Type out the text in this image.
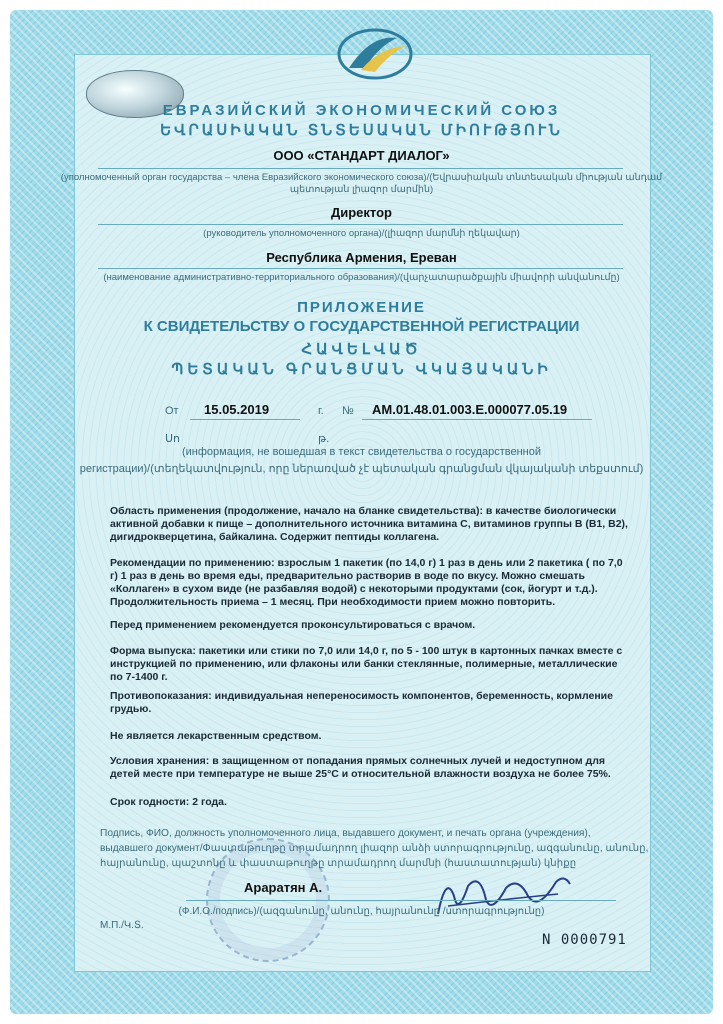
ЕВРАЗИЙСКИЙ ЭКОНОМИЧЕСКИЙ СОЮЗ
ԵՎՐԱՍԻԱԿԱՆ ՏՆՏԵՍԱԿԱՆ ՄԻՈՒԹՅՈՒՆ
ООО «СТАНДАРТ ДИАЛОГ»
(уполномоченный орган государства – члена Евразийского экономического союза)/(Եվրասիական տնտեսական միության անդամ
պետության լիազոր մարմին)
Директор
(руководитель уполномоченного органа)/(լիազոր մարմնի ղեկավար)
Республика Армения, Ереван
(наименование административно-территориального образования)/(վարչատարածքային միավորի անվանումը)
ПРИЛОЖЕНИЕ
К СВИДЕТЕЛЬСТВУ О ГОСУДАРСТВЕННОЙ РЕГИСТРАЦИИ
ՀԱՎԵԼՎԱԾ
ՊԵՏԱԿԱՆ ԳՐԱՆՑՄԱՆ ՎԿԱՅԱԿԱՆԻ
От
Սո
15.05.2019	г.
թ.
№ AM.01.48.01.003.E.000077.05.19
(информация, не вошедшая в текст свидетельства о государственной
регистрации)/(տեղեկատվություն, որը ներառված չէ պետական գրանցման վկայականի տեքստում)
Область применения (продолжение, начало на бланке свидетельства): в качестве биологически активной добавки к пище – дополнительного источника витамина С, витаминов группы В (В1, В2), дигидрокверцетина, байкалина. Содержит пептиды коллагена.
Рекомендации по применению: взрослым 1 пакетик (по 14,0 г) 1 раз в день или 2 пакетика ( по 7,0 г) 1 раз в день во время еды, предварительно растворив в воде по вкусу. Можно смешать «Коллаген» в сухом виде (не разбавляя водой) с некоторыми продуктами (сок, йогурт и т.д.). Продолжительность приема – 1 месяц. При необходимости прием можно повторить.
Перед применением рекомендуется проконсультироваться с врачом.
Форма выпуска: пакетики или стики по 7,0 или 14,0 г, по 5 - 100 штук в картонных пачках вместе с инструкцией по применению, или флаконы или банки стеклянные, полимерные, металлические по 7-1400 г.
Противопоказания: индивидуальная непереносимость компонентов, беременность, кормление грудью.
Не является лекарственным средством.
Условия хранения: в защищенном от попадания прямых солнечных лучей и недоступном для детей месте при температуре не выше 25°С и относительной влажности воздуха не более 75%.
Срок годности: 2 года.
Подпись, ФИО, должность уполномоченного лица, выдавшего документ, и печать органа (учреждения),
выдавшего документ/Փաստաթուղթը տրամադրող լիազոր անձի ստորագրությունը, ազգանունը, անունը,
հայրանունը, պաշտոնը և փաստաթուղթը տրամադրող մարմնի (հաստատության) կնիքը
Араратян А.
(Ф.И.О./подпись)/(ազգանունը, անունը, հայրանունը /ստորագրությունը)
М.П./Կ.Տ.
N 0000791
